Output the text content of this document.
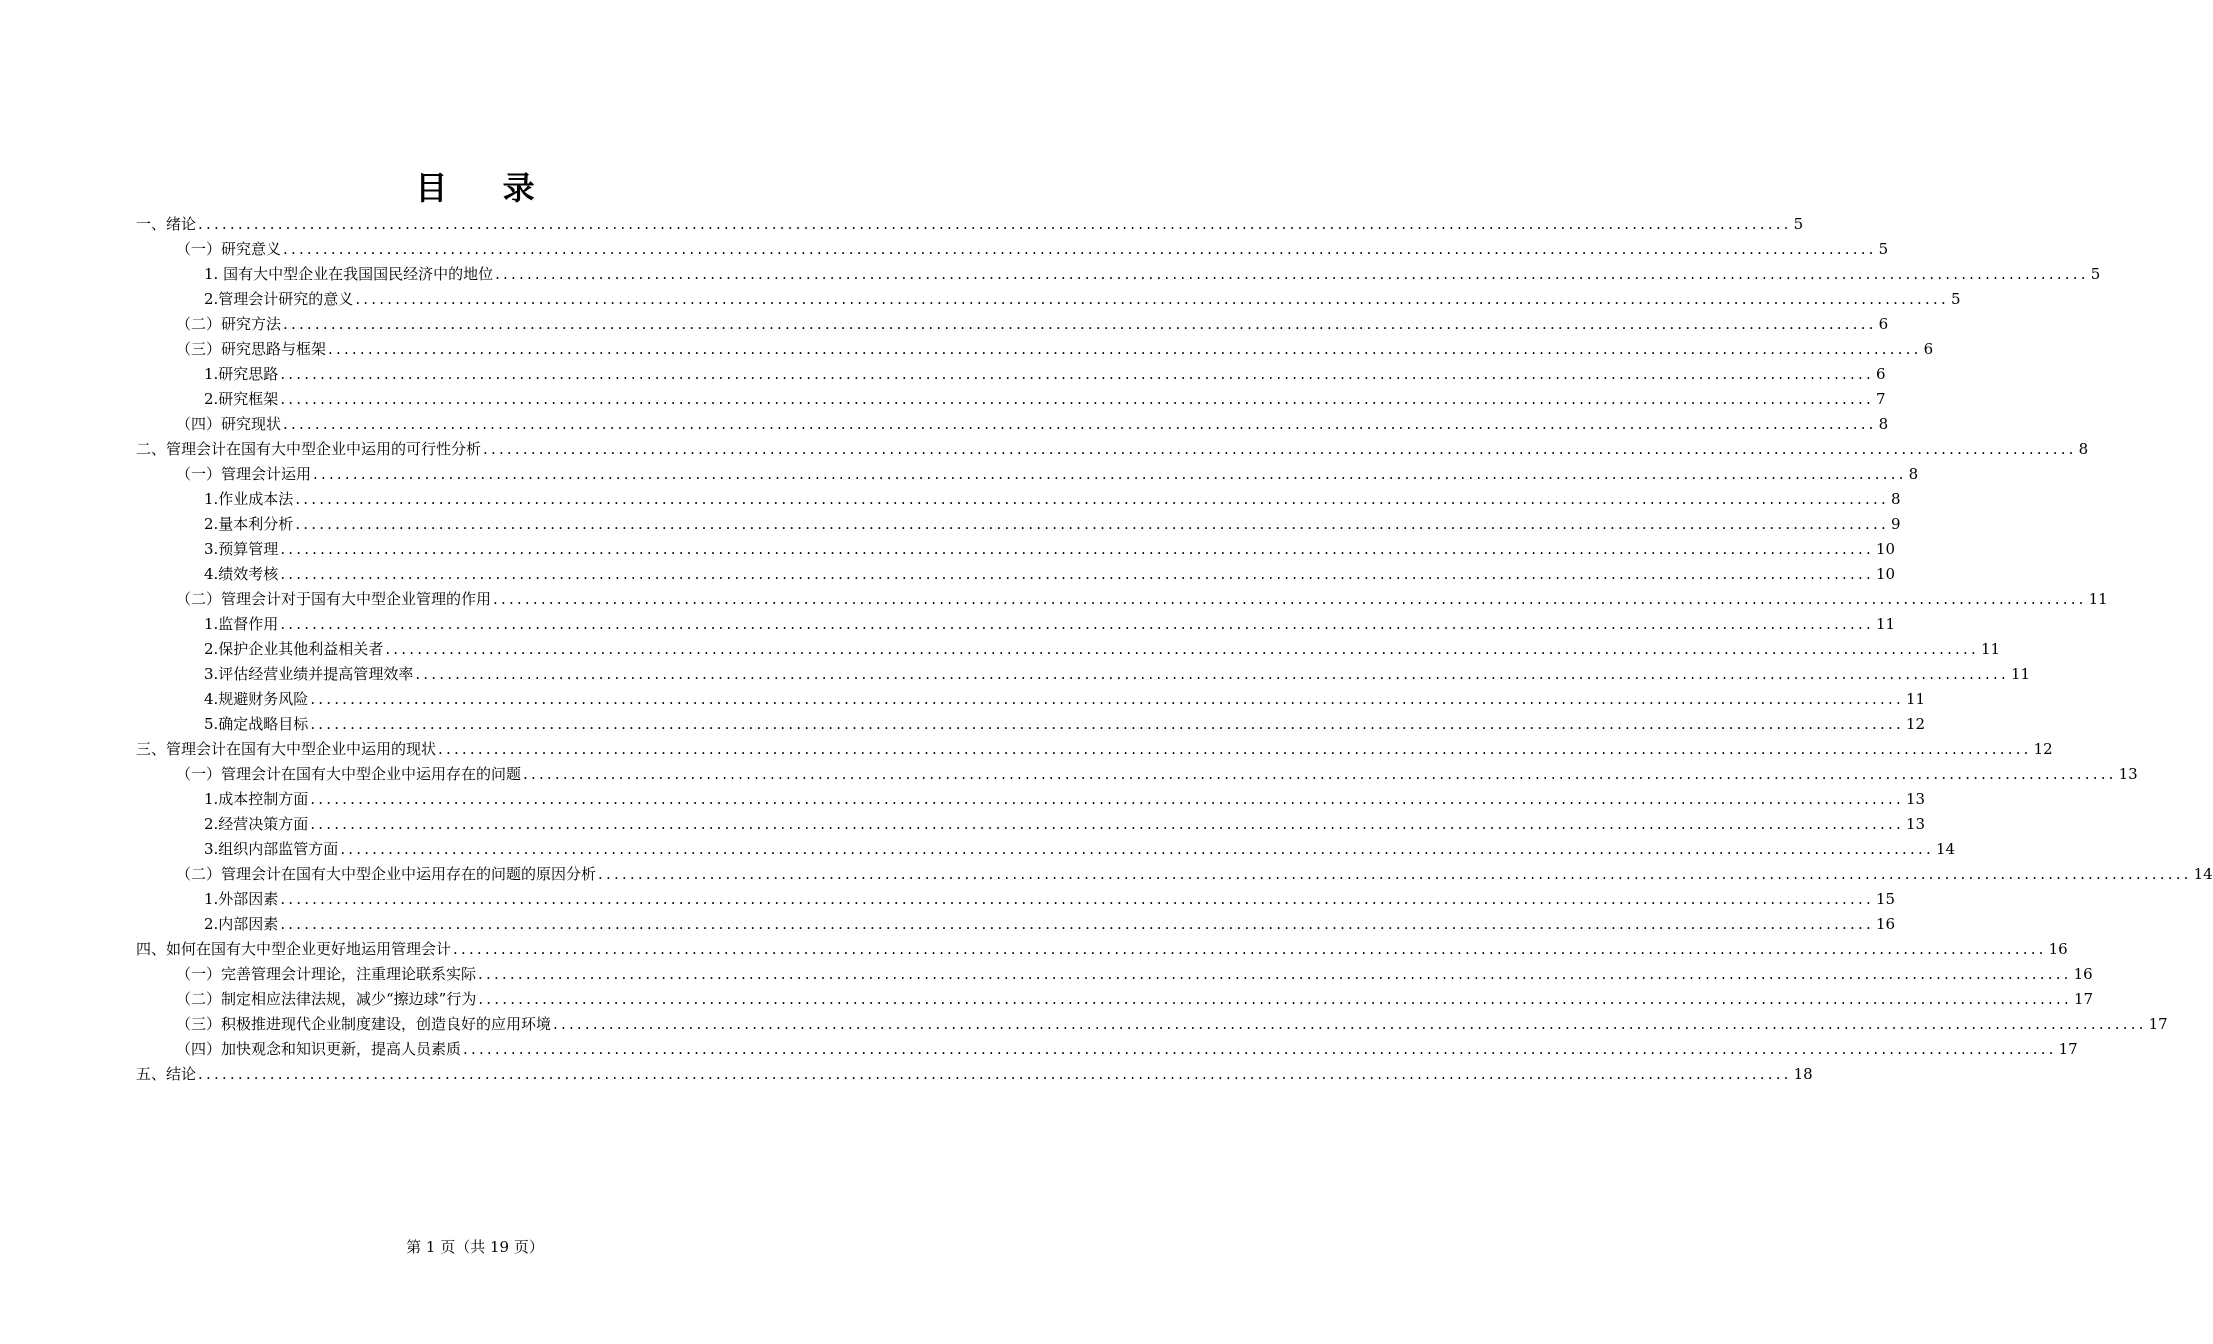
目 录
一、绪论 ........................................................................................................................................................................................................ 5
（一）研究意义 ........................................................................................................................................................................................................ 5
1. 国有大中型企业在我国国民经济中的地位 ........................................................................................................................................................................................................ 5
2.管理会计研究的意义 ........................................................................................................................................................................................................ 5
（二）研究方法 ........................................................................................................................................................................................................ 6
（三）研究思路与框架 ........................................................................................................................................................................................................ 6
1.研究思路 ........................................................................................................................................................................................................ 6
2.研究框架 ........................................................................................................................................................................................................ 7
（四）研究现状 ........................................................................................................................................................................................................ 8
二、管理会计在国有大中型企业中运用的可行性分析 ........................................................................................................................................................................................................ 8
（一）管理会计运用 ........................................................................................................................................................................................................ 8
1.作业成本法 ........................................................................................................................................................................................................ 8
2.量本利分析 ........................................................................................................................................................................................................ 9
3.预算管理 ........................................................................................................................................................................................................ 10
4.绩效考核 ........................................................................................................................................................................................................ 10
（二）管理会计对于国有大中型企业管理的作用 ........................................................................................................................................................................................................ 11
1.监督作用 ........................................................................................................................................................................................................ 11
2.保护企业其他利益相关者 ........................................................................................................................................................................................................ 11
3.评估经营业绩并提高管理效率 ........................................................................................................................................................................................................ 11
4.规避财务风险 ........................................................................................................................................................................................................ 11
5.确定战略目标 ........................................................................................................................................................................................................ 12
三、管理会计在国有大中型企业中运用的现状 ........................................................................................................................................................................................................ 12
（一）管理会计在国有大中型企业中运用存在的问题 ........................................................................................................................................................................................................ 13
1.成本控制方面 ........................................................................................................................................................................................................ 13
2.经营决策方面 ........................................................................................................................................................................................................ 13
3.组织内部监管方面 ........................................................................................................................................................................................................ 14
（二）管理会计在国有大中型企业中运用存在的问题的原因分析 ........................................................................................................................................................................................................ 14
1.外部因素 ........................................................................................................................................................................................................ 15
2.内部因素 ........................................................................................................................................................................................................ 16
四、如何在国有大中型企业更好地运用管理会计 ........................................................................................................................................................................................................ 16
（一）完善管理会计理论，注重理论联系实际 ........................................................................................................................................................................................................ 16
（二）制定相应法律法规，减少“擦边球”行为 ........................................................................................................................................................................................................ 17
（三）积极推进现代企业制度建设，创造良好的应用环境 ........................................................................................................................................................................................................ 17
（四）加快观念和知识更新，提高人员素质 ........................................................................................................................................................................................................ 17
五、结论 ........................................................................................................................................................................................................ 18
第 1 页（共 19 页）
